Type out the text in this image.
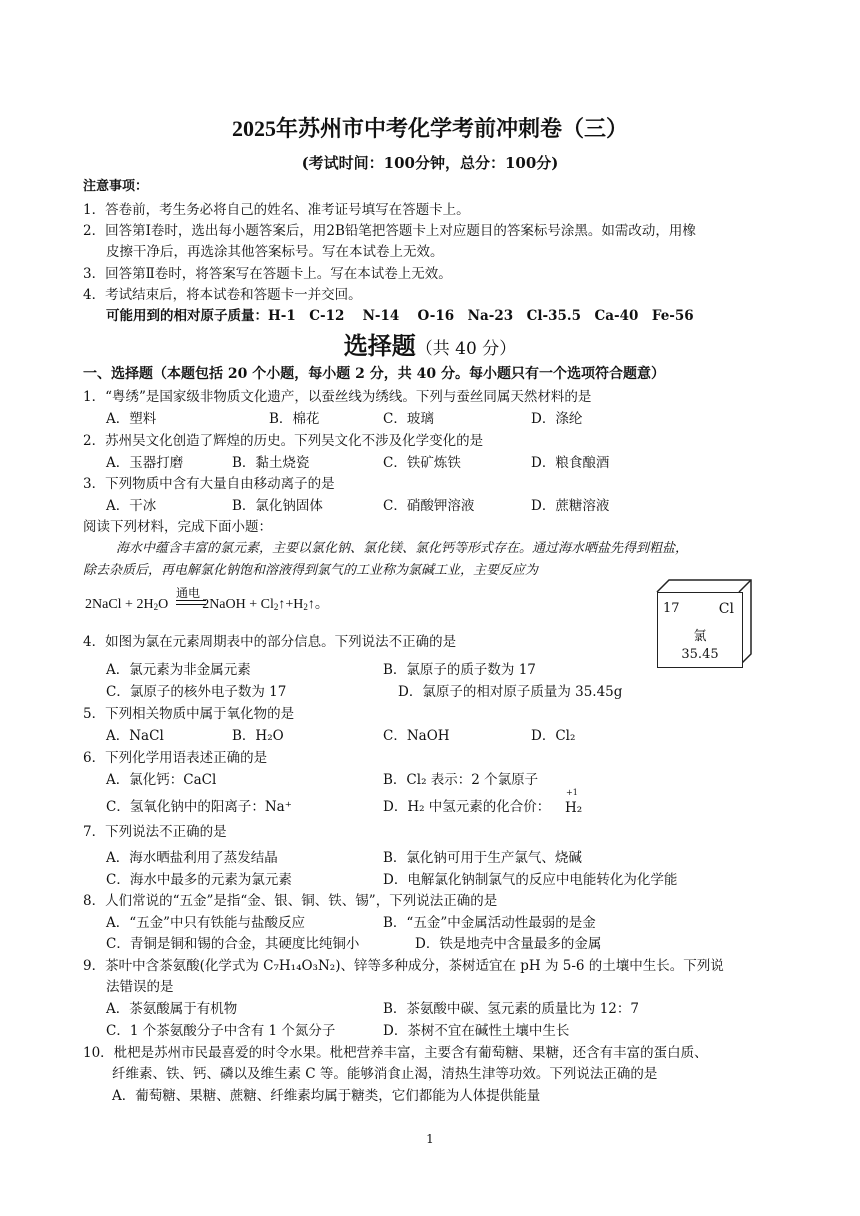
2025年苏州市中考化学考前冲刺卷（三）
(考试时间：100分钟，总分：100分)
注意事项：
1．答卷前，考生务必将自己的姓名、准考证号填写在答题卡上。
2．回答第Ⅰ卷时，选出每小题答案后，用2B铅笔把答题卡上对应题目的答案标号涂黑。如需改动，用橡
皮擦干净后，再选涂其他答案标号。写在本试卷上无效。
3．回答第Ⅱ卷时，将答案写在答题卡上。写在本试卷上无效。
4．考试结束后，将本试卷和答题卡一并交回。
可能用到的相对原子质量：H-1　C-12　 N-14　 O-16　Na-23　Cl-35.5　Ca-40　Fe-56
选择题（共 40 分）
一、选择题（本题包括 20 个小题，每小题 2 分，共 40 分。每小题只有一个选项符合题意）
1．“粤绣”是国家级非物质文化遗产，以蚕丝线为绣线。下列与蚕丝同属天然材料的是
A．塑料	B．棉花	C．玻璃	D．涤纶
2．苏州吴文化创造了辉煌的历史。下列吴文化不涉及化学变化的是
A．玉器打磨	B．黏土烧瓷	C．铁矿炼铁	D．粮食酿酒
3．下列物质中含有大量自由移动离子的是
A．干冰	B．氯化钠固体	C．硝酸钾溶液	D．蔗糖溶液
阅读下列材料，完成下面小题：
海水中蕴含丰富的氯元素，主要以氯化钠、氯化镁、氯化钙等形式存在。通过海水晒盐先得到粗盐，
除去杂质后，再电解氯化钠饱和溶液得到氯气的工业称为氯碱工业，主要反应为
通电
2NaCl + $2H_2O$ 2NaOH + $Cl_2↑+H_2↑$。	17	Cl
氯
35.45
4．如图为氯在元素周期表中的部分信息。下列说法不正确的是
A．氯元素为非金属元素	B．氯原子的质子数为 17
C．氯原子的核外电子数为 17	D．氯原子的相对原子质量为 35.45g
5．下列相关物质中属于氧化物的是
A．NaCl	B．H₂O	C．NaOH	D．Cl₂
6．下列化学用语表述正确的是
A．氯化钙：CaCl	B．Cl₂ 表示：2 个氯原子
C．氢氧化钠中的阳离子：Na⁺	D．H₂ 中氢元素的化合价：
+1
H₂
7．下列说法不正确的是
A．海水晒盐利用了蒸发结晶	B．氯化钠可用于生产氯气、烧碱
C．海水中最多的元素为氯元素	D．电解氯化钠制氯气的反应中电能转化为化学能
8．人们常说的“五金”是指“金、银、铜、铁、锡”，下列说法正确的是
A．“五金”中只有铁能与盐酸反应	B．“五金”中金属活动性最弱的是金
C．青铜是铜和锡的合金，其硬度比纯铜小	D．铁是地壳中含量最多的金属
9．茶叶中含茶氨酸(化学式为 C₇H₁₄O₃N₂)、锌等多种成分，茶树适宜在 pH 为 5-6 的土壤中生长。下列说
法错误的是
A．茶氨酸属于有机物	B．茶氨酸中碳、氢元素的质量比为 12：7
C．1 个茶氨酸分子中含有 1 个氮分子	D．茶树不宜在碱性土壤中生长
10．枇杷是苏州市民最喜爱的时令水果。枇杷营养丰富，主要含有葡萄糖、果糖，还含有丰富的蛋白质、
纤维素、铁、钙、磷以及维生素 C 等。能够消食止渴，清热生津等功效。下列说法正确的是
A．葡萄糖、果糖、蔗糖、纤维素均属于糖类，它们都能为人体提供能量
1
